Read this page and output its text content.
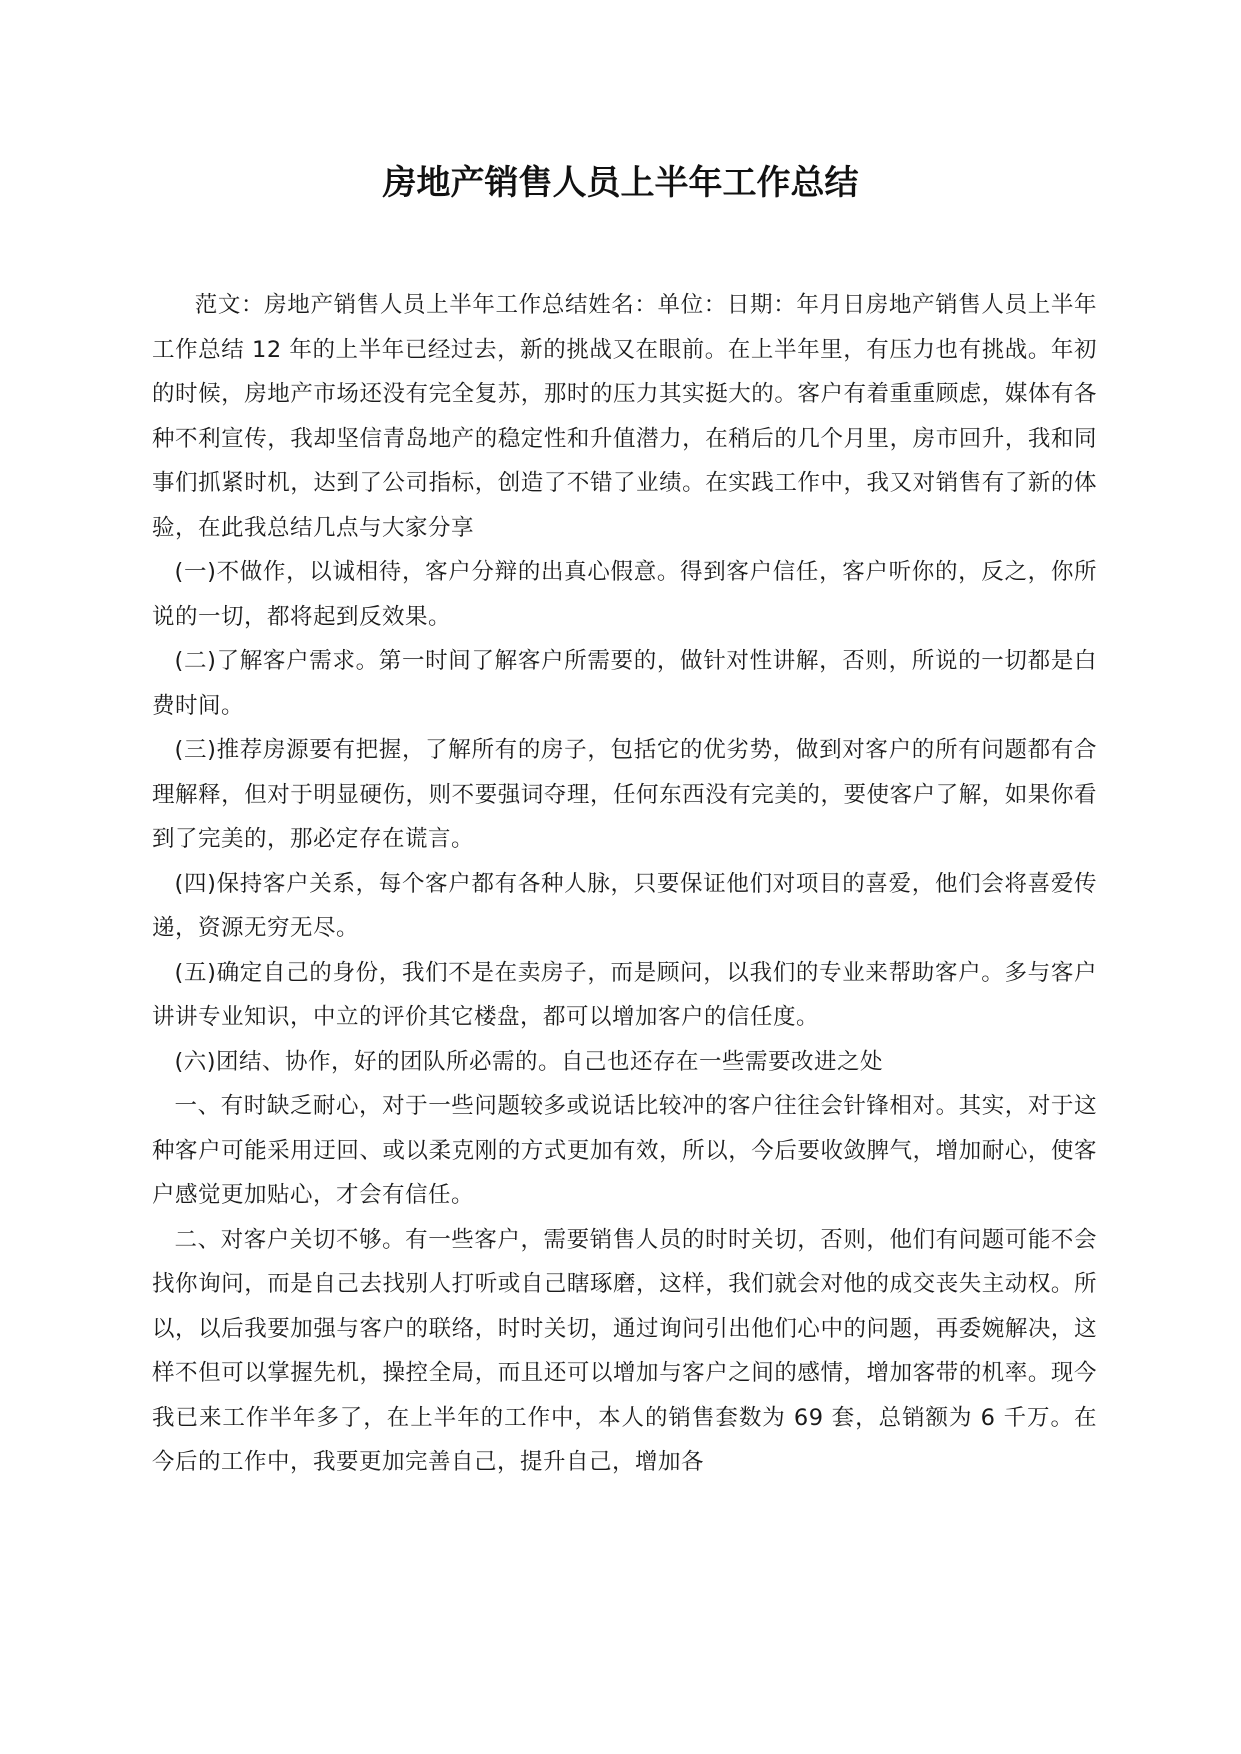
房地产销售人员上半年工作总结

范文：房地产销售人员上半年工作总结姓名：单位：日期：年月日房地产销售人员上半年工作总结 12 年的上半年已经过去，新的挑战又在眼前。在上半年里，有压力也有挑战。年初的时候，房地产市场还没有完全复苏，那时的压力其实挺大的。客户有着重重顾虑，媒体有各种不利宣传，我却坚信青岛地产的稳定性和升值潜力，在稍后的几个月里，房市回升，我和同事们抓紧时机，达到了公司指标，创造了不错了业绩。在实践工作中，我又对销售有了新的体验，在此我总结几点与大家分享

(一)不做作，以诚相待，客户分辩的出真心假意。得到客户信任，客户听你的，反之，你所说的一切，都将起到反效果。

(二)了解客户需求。第一时间了解客户所需要的，做针对性讲解，否则，所说的一切都是白费时间。

(三)推荐房源要有把握，了解所有的房子，包括它的优劣势，做到对客户的所有问题都有合理解释，但对于明显硬伤，则不要强词夺理，任何东西没有完美的，要使客户了解，如果你看到了完美的，那必定存在谎言。

(四)保持客户关系，每个客户都有各种人脉，只要保证他们对项目的喜爱，他们会将喜爱传递，资源无穷无尽。

(五)确定自己的身份，我们不是在卖房子，而是顾问，以我们的专业来帮助客户。多与客户讲讲专业知识，中立的评价其它楼盘，都可以增加客户的信任度。

(六)团结、协作，好的团队所必需的。自己也还存在一些需要改进之处

一、有时缺乏耐心，对于一些问题较多或说话比较冲的客户往往会针锋相对。其实，对于这种客户可能采用迂回、或以柔克刚的方式更加有效，所以，今后要收敛脾气，增加耐心，使客户感觉更加贴心，才会有信任。

二、对客户关切不够。有一些客户，需要销售人员的时时关切，否则，他们有问题可能不会找你询问，而是自己去找别人打听或自己瞎琢磨，这样，我们就会对他的成交丧失主动权。所以，以后我要加强与客户的联络，时时关切，通过询问引出他们心中的问题，再委婉解决，这样不但可以掌握先机，操控全局，而且还可以增加与客户之间的感情，增加客带的机率。现今我已来工作半年多了，在上半年的工作中，本人的销售套数为 69 套，总销额为 6 千万。在今后的工作中，我要更加完善自己，提升自己，增加各
